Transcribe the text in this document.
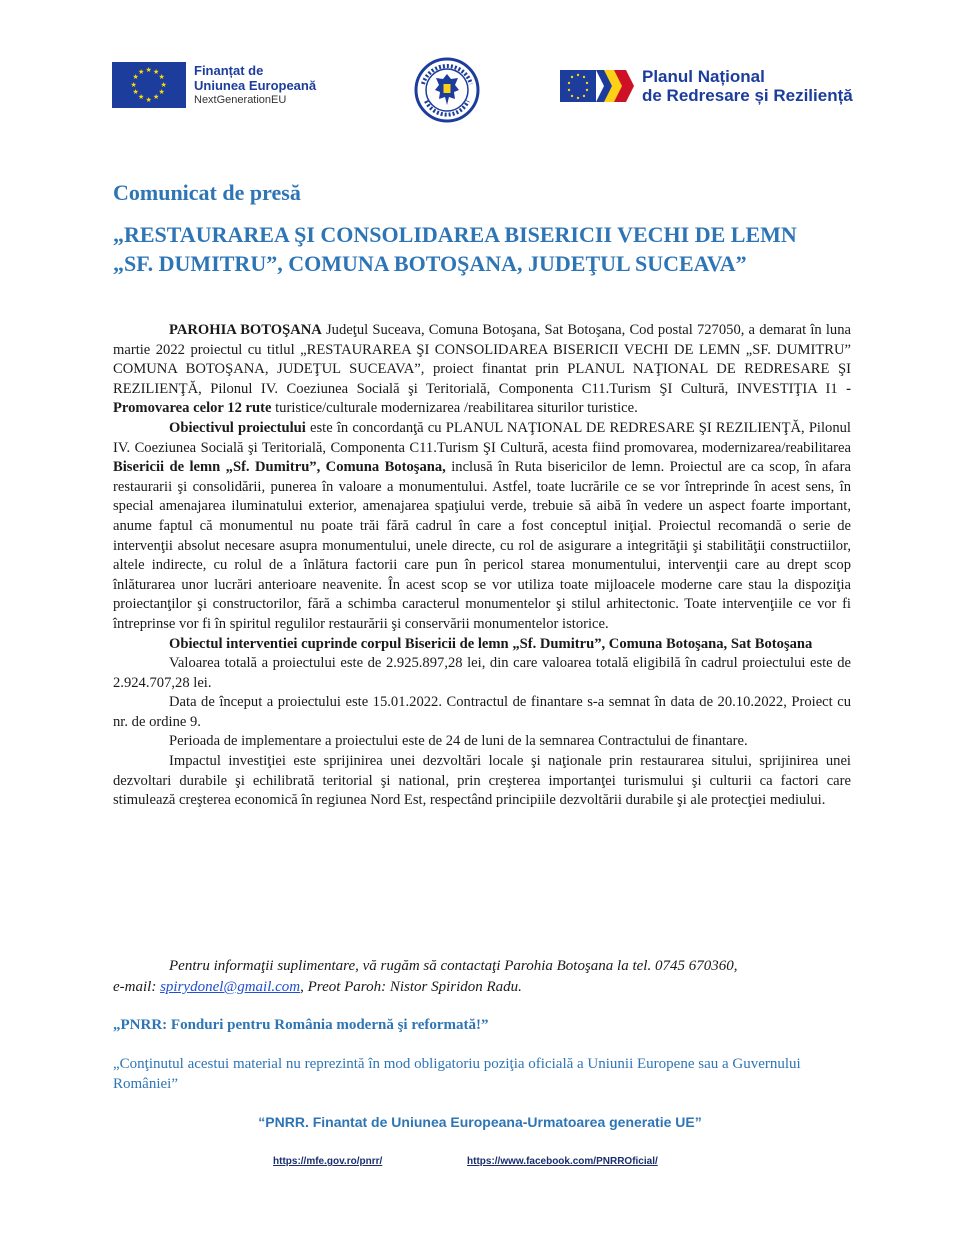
★ ★
★
★
★
★
★
★
★
★
★
★	Finanțat de
Uniunea Europeană
NextGenerationEU
Planul Național
de Redresare și Reziliență
Comunicat de presă
„RESTAURAREA ŞI CONSOLIDAREA BISERICII VECHI DE LEMN „SF. DUMITRU”, COMUNA BOTOŞANA, JUDEŢUL SUCEAVA”

PAROHIA BOTOŞANA Judeţul Suceava, Comuna Botoşana, Sat Botoşana, Cod postal 727050, a demarat în luna martie 2022 proiectul cu titlul „RESTAURAREA ŞI CONSOLIDAREA BISERICII VECHI DE LEMN „SF. DUMITRU” COMUNA BOTOŞANA, JUDEŢUL SUCEAVA”, proiect finantat prin PLANUL NAŢIONAL DE REDRESARE ŞI REZILIENŢĂ, Pilonul IV. Coeziunea Socială şi Teritorială, Componenta C11.Turism ŞI Cultură, INVESTIŢIA I1 - Promovarea celor 12 rute turistice/culturale modernizarea /reabilitarea siturilor turistice.

Obiectivul proiectului este în concordanţă cu PLANUL NAŢIONAL DE REDRESARE ŞI REZILIENŢĂ, Pilonul IV. Coeziunea Socială şi Teritorială, Componenta C11.Turism ŞI Cultură, acesta fiind promovarea, modernizarea/reabilitarea Bisericii de lemn „Sf. Dumitru”, Comuna Botoşana, inclusă în Ruta bisericilor de lemn. Proiectul are ca scop, în afara restaurarii şi consolidării, punerea în valoare a monumentului. Astfel, toate lucrările ce se vor întreprinde în acest sens, în special amenajarea iluminatului exterior, amenajarea spaţiului verde, trebuie să aibă în vedere un aspect foarte important, anume faptul că monumentul nu poate trăi fără cadrul în care a fost conceptul iniţial. Proiectul recomandă o serie de intervenţii absolut necesare asupra monumentului, unele directe, cu rol de asigurare a integrităţii şi stabilităţii constructiilor, altele indirecte, cu rolul de a înlătura factorii care pun în pericol starea monumentului, intervenţii care au drept scop înlăturarea unor lucrări anterioare neavenite. În acest scop se vor utiliza toate mijloacele moderne care stau la dispoziţia proiectanţilor şi constructorilor, fără a schimba caracterul monumentelor şi stilul arhitectonic. Toate intervenţiile ce vor fi întreprinse vor fi în spiritul regulilor restaurării şi conservării monumentelor istorice.

Obiectul interventiei cuprinde corpul Bisericii de lemn „Sf. Dumitru”, Comuna Botoşana, Sat Botoşana

Valoarea totală a proiectului este de 2.925.897,28 lei, din care valoarea totală eligibilă în cadrul proiectului este de 2.924.707,28 lei.

Data de început a proiectului este 15.01.2022. Contractul de finantare s-a semnat în data de 20.10.2022, Proiect cu nr. de ordine 9.

Perioada de implementare a proiectului este de 24 de luni de la semnarea Contractului de finantare.

Impactul investiţiei este sprijinirea unei dezvoltări locale şi naţionale prin restaurarea sitului, sprijinirea unei dezvoltari durabile şi echilibrată teritorial şi national, prin creşterea importanţei turismului şi culturii ca factori care stimulează creşterea economică în regiunea Nord Est, respectând principiile dezvoltării durabile şi ale protecţiei mediului.

Pentru informaţii suplimentare, vă rugăm să contactaţi Parohia Botoşana la tel. 0745 670360,

e-mail: spirydonel@gmail.com, Preot Paroh: Nistor Spiridon Radu.
„PNRR: Fonduri pentru România modernă şi reformată!”
„Conţinutul acestui material nu reprezintă în mod obligatoriu poziţia oficială a Uniunii Europene sau a Guvernului României”
“PNRR. Finantat de Uniunea Europeana-Urmatoarea generatie UE”
https://mfe.gov.ro/pnrr/	https://www.facebook.com/PNRROficial/
